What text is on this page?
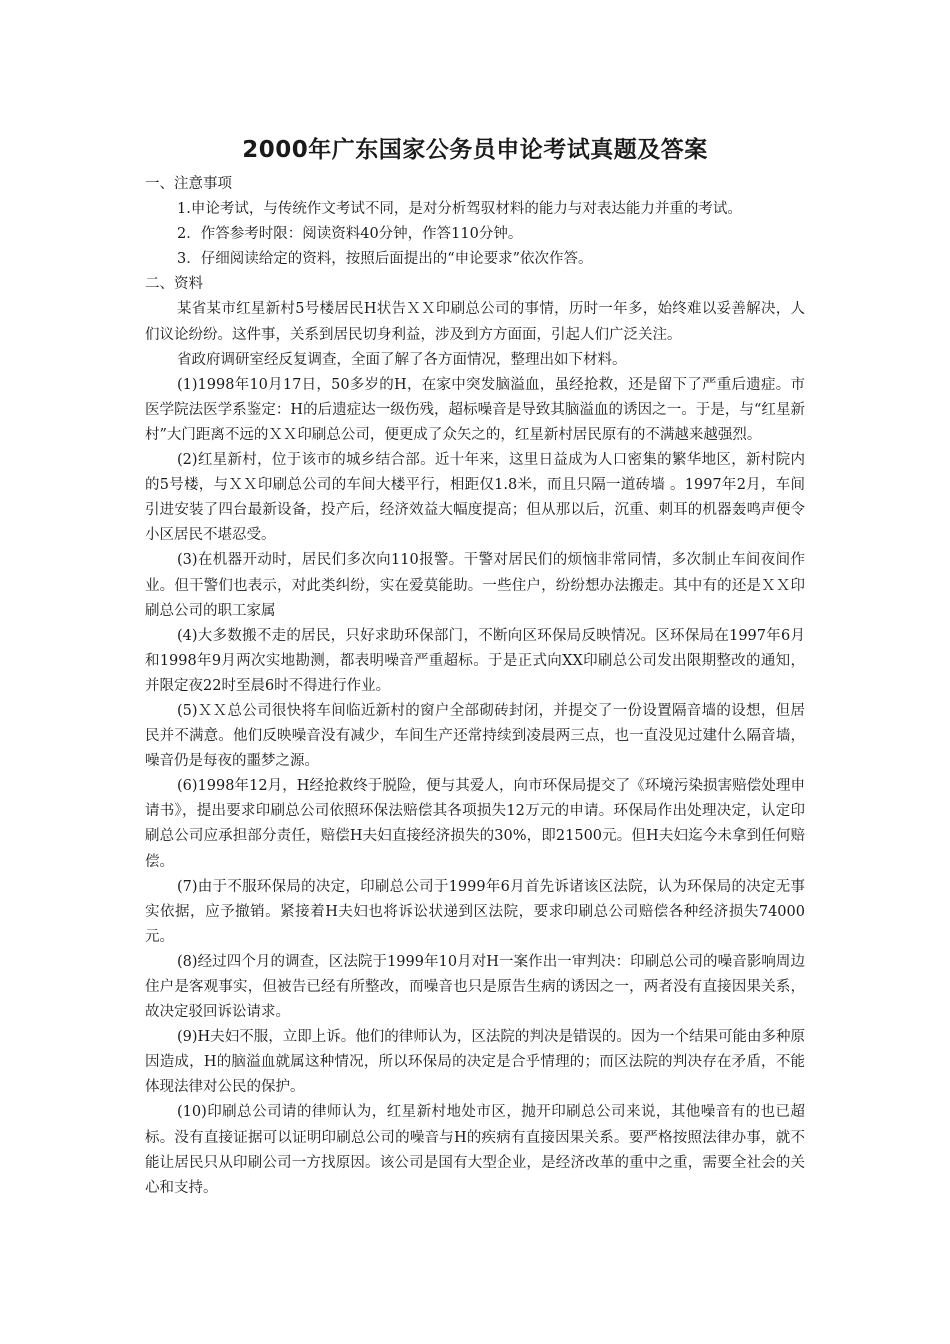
2000年广东国家公务员申论考试真题及答案

一、注意事项

1.申论考试，与传统作文考试不同，是对分析驾驭材料的能力与对表达能力并重的考试。

2．作答参考时限：阅读资料40分钟，作答110分钟。

3．仔细阅读给定的资料，按照后面提出的“申论要求”依次作答。

二、资料

某省某市红星新村5号楼居民H状告ＸＸ印刷总公司的事情，历时一年多，始终难以妥善解决，人们议论纷纷。这件事，关系到居民切身利益，涉及到方方面面，引起人们广泛关注。

省政府调研室经反复调查，全面了解了各方面情况，整理出如下材料。

(1)1998年10月17日，50多岁的H，在家中突发脑溢血，虽经抢救，还是留下了严重后遗症。市医学院法医学系鉴定：H的后遗症达一级伤残，超标噪音是导致其脑溢血的诱因之一。于是，与“红星新村”大门距离不远的ＸＸ印刷总公司，便更成了众矢之的，红星新村居民原有的不满越来越强烈。

(2)红星新村，位于该市的城乡结合部。近十年来，这里日益成为人口密集的繁华地区，新村院内的5号楼，与ＸＸ印刷总公司的车间大楼平行，相距仅1.8米，而且只隔一道砖墙 。1997年2月，车间引进安装了四台最新设备，投产后，经济效益大幅度提高；但从那以后，沉重、刺耳的机器轰鸣声便令小区居民不堪忍受。

(3)在机器开动时，居民们多次向110报警。干警对居民们的烦恼非常同情，多次制止车间夜间作业。但干警们也表示，对此类纠纷，实在爱莫能助。一些住户，纷纷想办法搬走。其中有的还是ＸＸ印刷总公司的职工家属

(4)大多数搬不走的居民，只好求助环保部门，不断向区环保局反映情况。区环保局在1997年6月和1998年9月两次实地勘测，都表明噪音严重超标。于是正式向XX印刷总公司发出限期整改的通知，并限定夜22时至晨6时不得进行作业。

(5)ＸＸ总公司很快将车间临近新村的窗户全部砌砖封闭，并提交了一份设置隔音墙的设想，但居民并不满意。他们反映噪音没有减少，车间生产还常持续到凌晨两三点，也一直没见过建什么隔音墙，噪音仍是每夜的噩梦之源。

(6)1998年12月，H经抢救终于脱险，便与其爱人，向市环保局提交了《环境污染损害赔偿处理申请书》，提出要求印刷总公司依照环保法赔偿其各项损失12万元的申请。环保局作出处理决定，认定印刷总公司应承担部分责任，赔偿H夫妇直接经济损失的30%，即21500元。但H夫妇迄今未拿到任何赔偿。

(7)由于不服环保局的决定，印刷总公司于1999年6月首先诉诸该区法院，认为环保局的决定无事实依据，应予撤销。紧接着H夫妇也将诉讼状递到区法院，要求印刷总公司赔偿各种经济损失74000元。

(8)经过四个月的调查，区法院于1999年10月对H一案作出一审判决：印刷总公司的噪音影响周边住户是客观事实，但被告已经有所整改，而噪音也只是原告生病的诱因之一，两者没有直接因果关系，故决定驳回诉讼请求。

(9)H夫妇不服，立即上诉。他们的律师认为，区法院的判决是错误的。因为一个结果可能由多种原因造成，H的脑溢血就属这种情况，所以环保局的决定是合乎情理的；而区法院的判决存在矛盾，不能体现法律对公民的保护。

(10)印刷总公司请的律师认为，红星新村地处市区，抛开印刷总公司来说，其他噪音有的也已超标。没有直接证据可以证明印刷总公司的噪音与H的疾病有直接因果关系。要严格按照法律办事，就不能让居民只从印刷公司一方找原因。该公司是国有大型企业，是经济改革的重中之重，需要全社会的关心和支持。
